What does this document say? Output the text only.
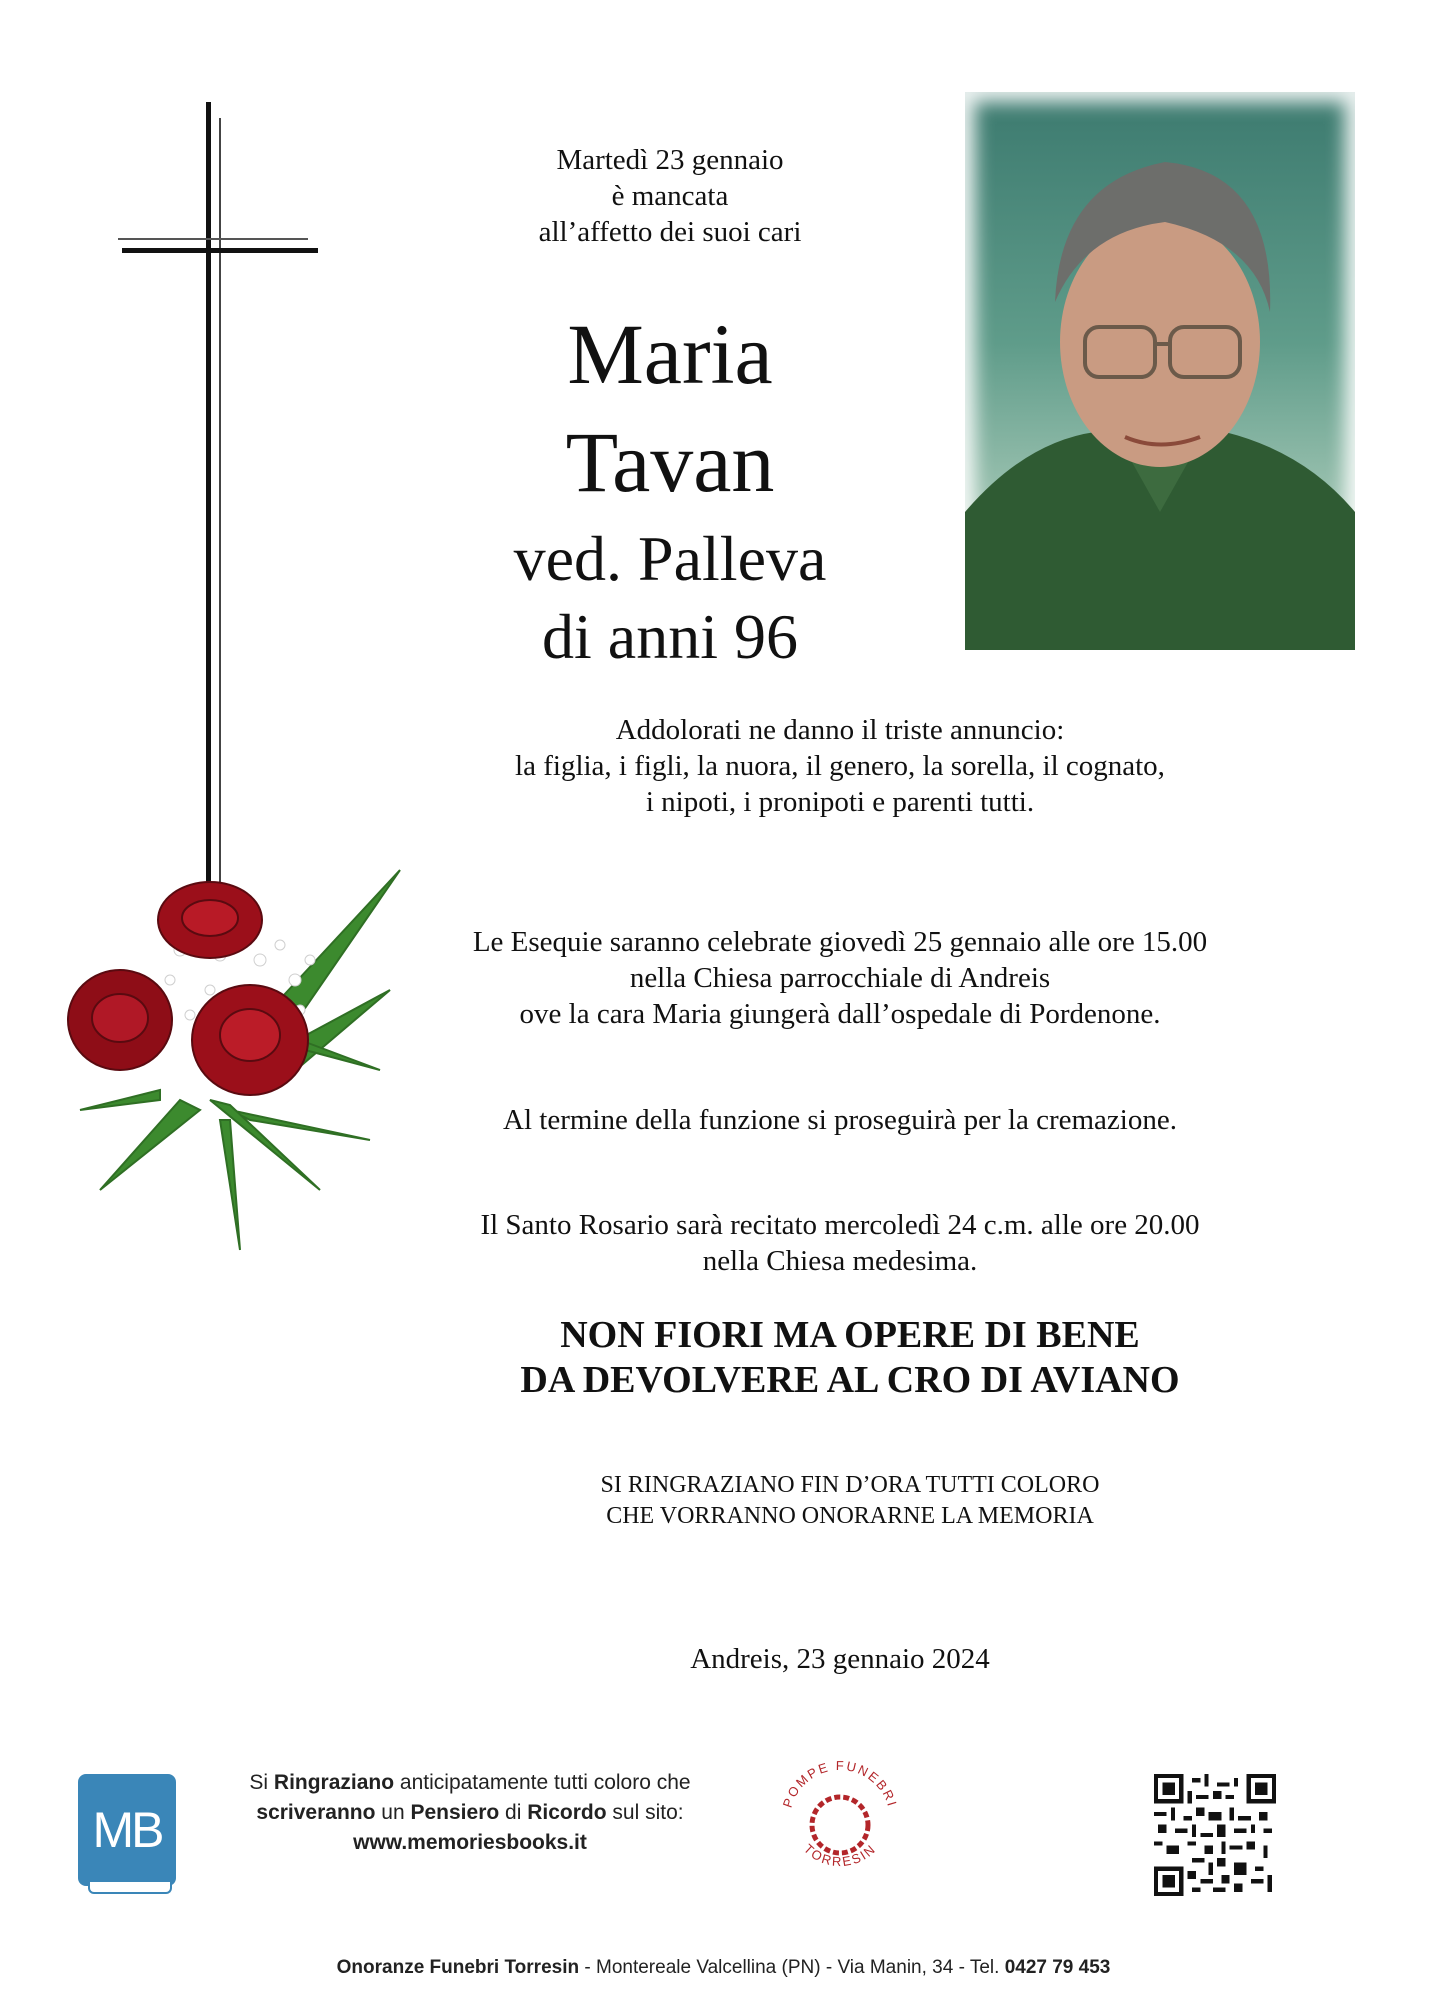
Martedì 23 gennaio
è mancata
all’affetto dei suoi cari
Maria
Tavan
ved. Palleva
di anni 96
Addolorati ne danno il triste annuncio:
la figlia, i figli, la nuora, il genero, la sorella, il cognato,
i nipoti, i pronipoti e parenti tutti.
Le Esequie saranno celebrate giovedì 25 gennaio alle ore 15.00
nella Chiesa parrocchiale di Andreis
ove la cara Maria giungerà dall’ospedale di Pordenone.
Al termine della funzione si proseguirà per la cremazione.
Il Santo Rosario sarà recitato mercoledì 24 c.m. alle ore 20.00
nella Chiesa medesima.
NON FIORI MA OPERE DI BENE
DA DEVOLVERE AL CRO DI AVIANO
SI RINGRAZIANO FIN D’ORA TUTTI COLORO
CHE VORRANNO ONORARNE LA MEMORIA
Andreis, 23 gennaio 2024
MB
Si Ringraziano anticipatamente tutti coloro che
scriveranno un Pensiero di Ricordo sul sito:
www.memoriesbooks.it
POMPE FUNEBRI
TORRESIN
Onoranze Funebri Torresin - Montereale Valcellina (PN) - Via Manin, 34 - Tel. 0427 79 453
